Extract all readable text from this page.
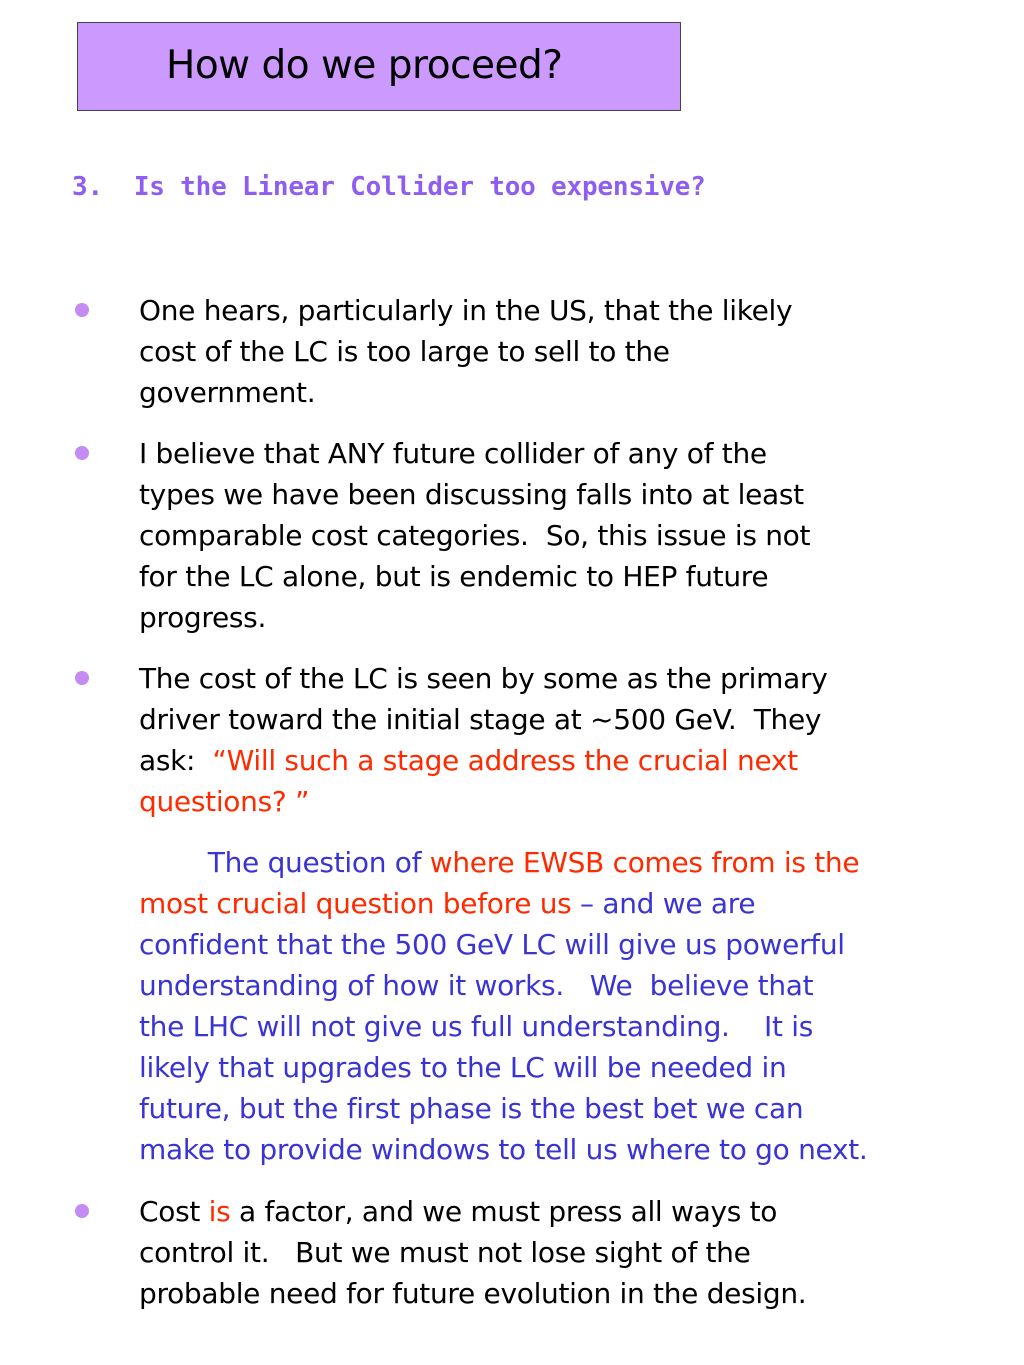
How do we proceed?
3.  Is the Linear Collider too expensive?
One hears, particularly in the US, that the likely
cost of the LC is too large to sell to the
government.
I believe that ANY future collider of any of the
types we have been discussing falls into at least
comparable cost categories.  So, this issue is not
for the LC alone, but is endemic to HEP future
progress.
The cost of the LC is seen by some as the primary
driver toward the initial stage at ~500 GeV.  They
ask:  “Will such a stage address the crucial next
questions? ”
The question of where EWSB comes from is the
most crucial question before us – and we are
confident that the 500 GeV LC will give us powerful
understanding of how it works.   We  believe that
the LHC will not give us full understanding.    It is
likely that upgrades to the LC will be needed in
future, but the first phase is the best bet we can
make to provide windows to tell us where to go next.
Cost is a factor, and we must press all ways to
control it.   But we must not lose sight of the
probable need for future evolution in the design.
